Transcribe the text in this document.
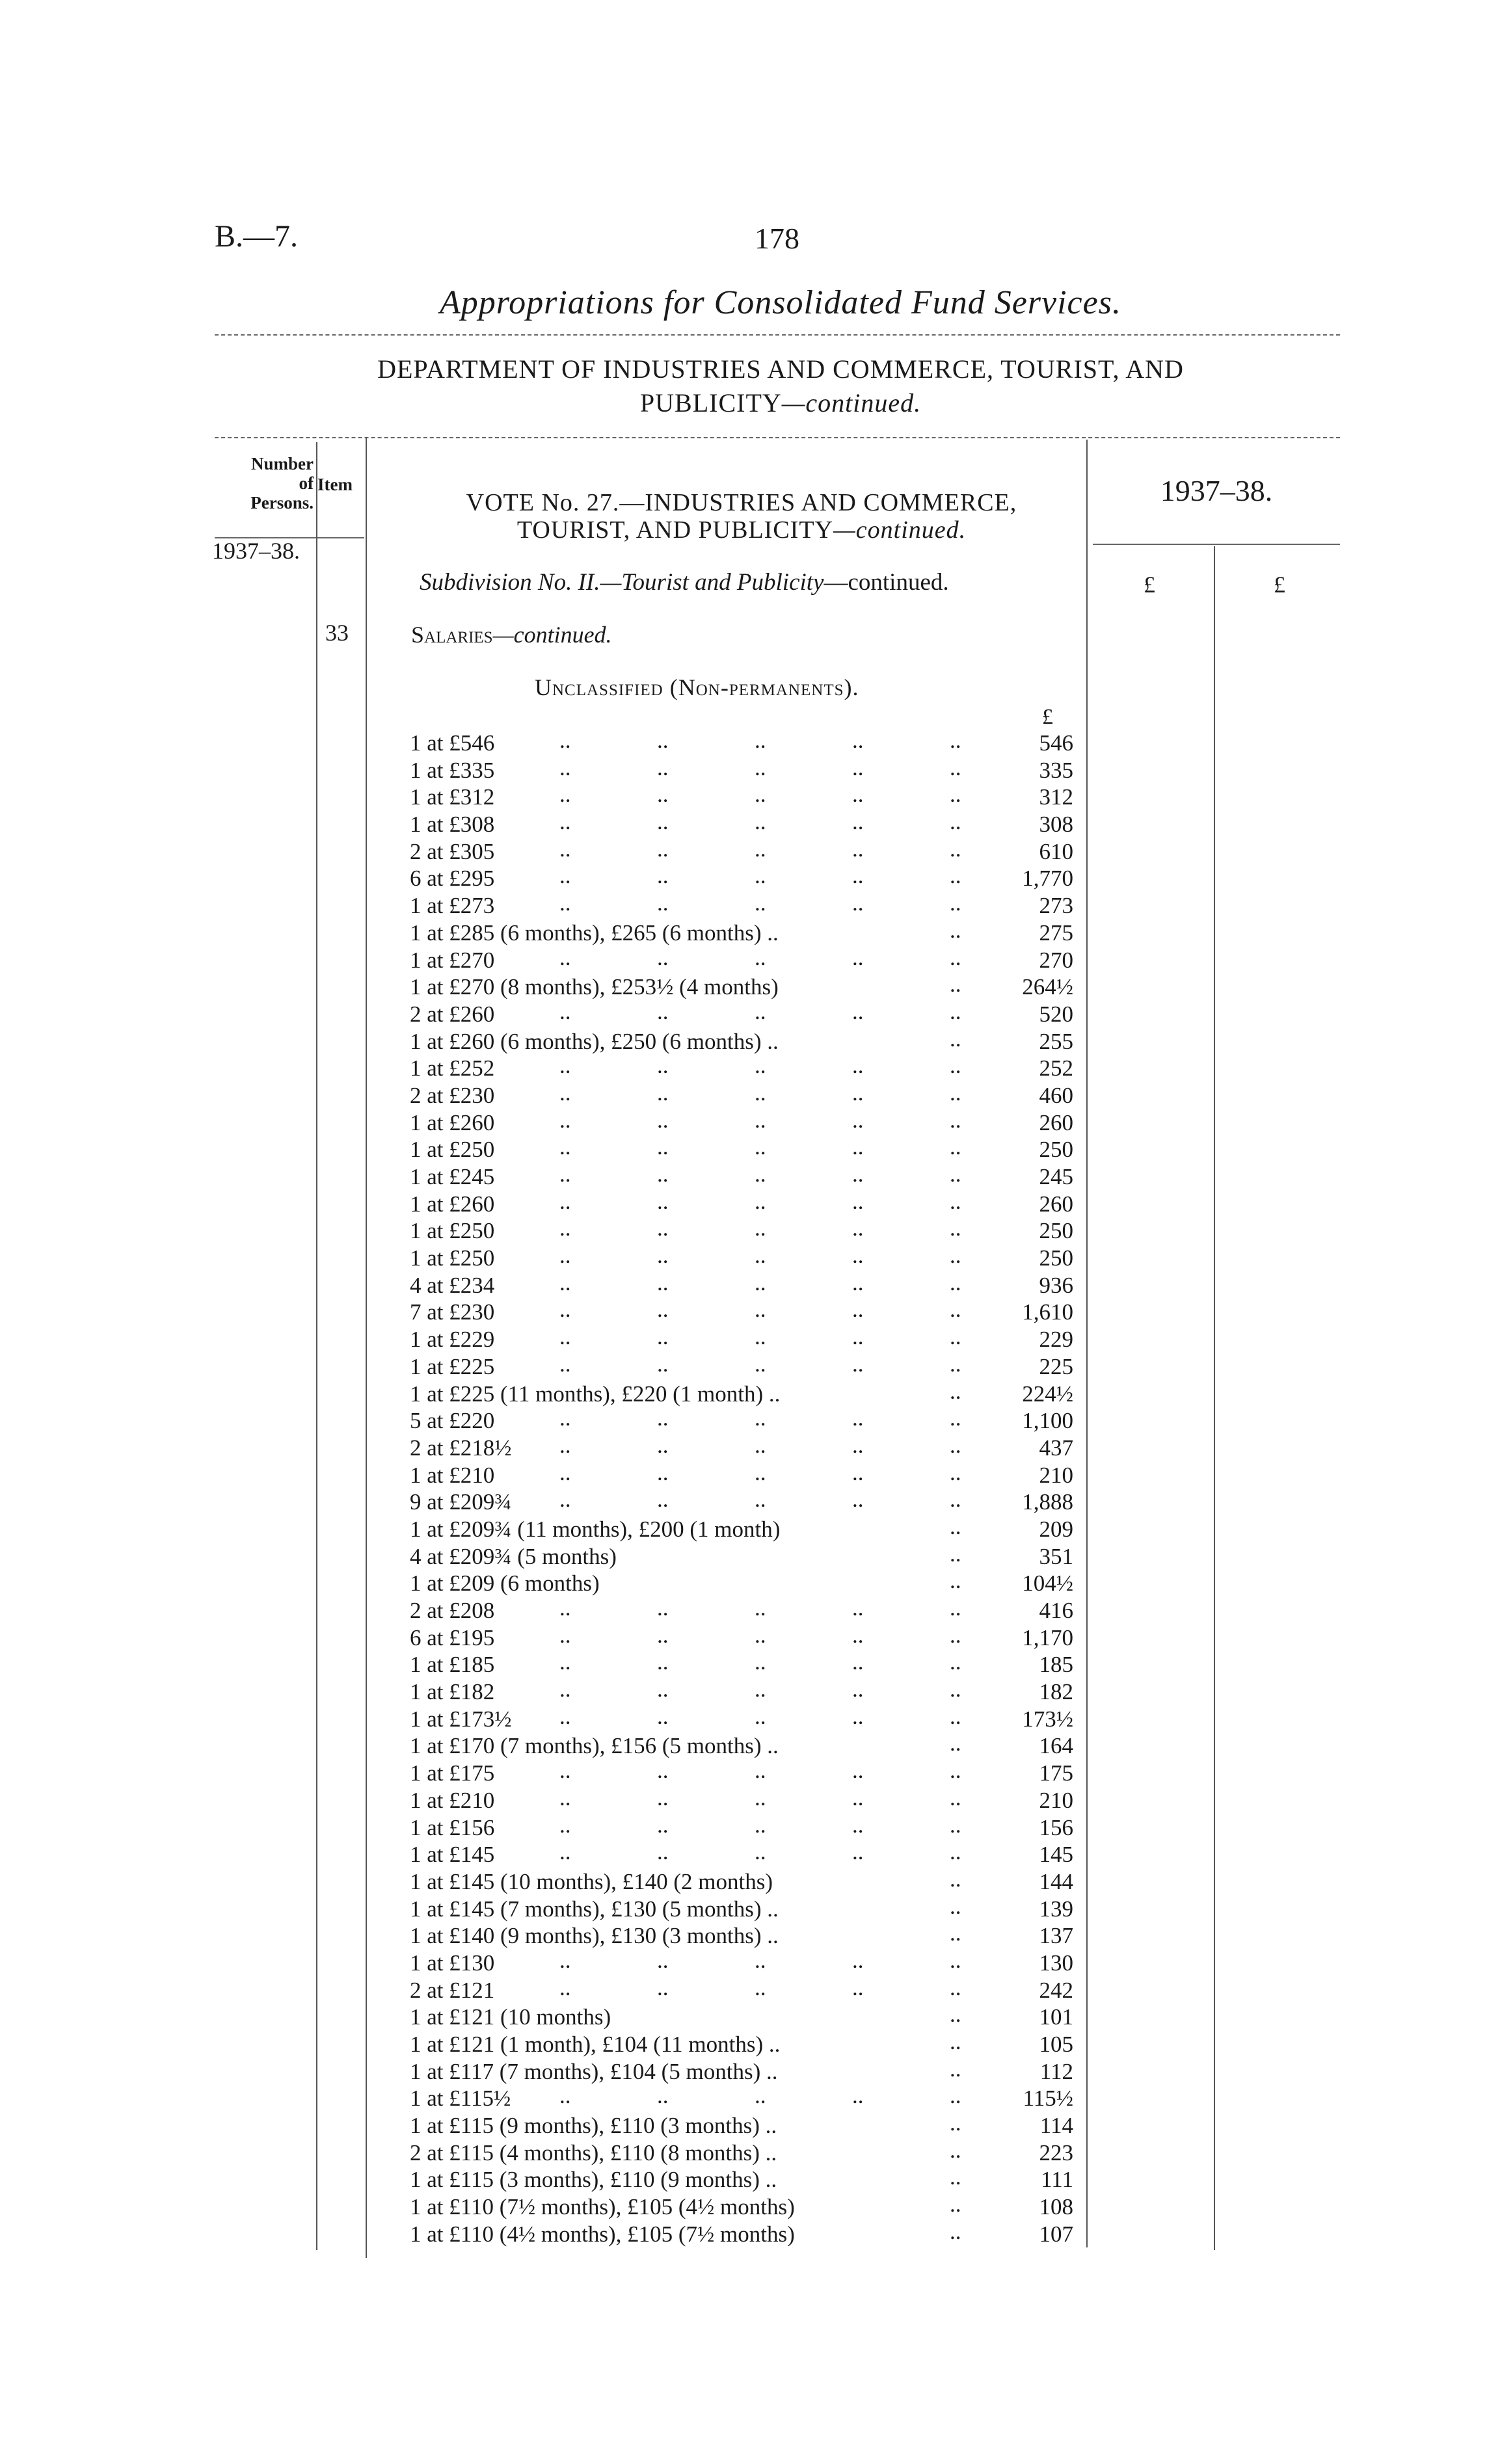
B.—7.	178
Appropriations for Consolidated Fund Services.
DEPARTMENT OF INDUSTRIES AND COMMERCE, TOURIST, AND
PUBLICITY—continued.
Number
of
Persons.
Item
1937–38.
VOTE No. 27.—INDUSTRIES AND COMMERCE,
TOURIST, AND PUBLICITY—continued.
1937–38.
£	£
Subdivision No. II.—Tourist and Publicity—continued.
33	Salaries—continued.
Unclassified (Non-permanents).
£
1 at £546	..	..	..	..	..	546
1 at £335	..	..	..	..	..	335
1 at £312	..	..	..	..	..	312
1 at £308	..	..	..	..	..	308
2 at £305	..	..	..	..	..	610
6 at £295	..	..	..	..	..	1,770
1 at £273	..	..	..	..	..	273
1 at £285 (6 months), £265 (6 months) ..	..	275
1 at £270	..	..	..	..	..	270
1 at £270 (8 months), £253½ (4 months)	..	264½
2 at £260	..	..	..	..	..	520
1 at £260 (6 months), £250 (6 months) ..	..	255
1 at £252	..	..	..	..	..	252
2 at £230	..	..	..	..	..	460
1 at £260	..	..	..	..	..	260
1 at £250	..	..	..	..	..	250
1 at £245	..	..	..	..	..	245
1 at £260	..	..	..	..	..	260
1 at £250	..	..	..	..	..	250
1 at £250	..	..	..	..	..	250
4 at £234	..	..	..	..	..	936
7 at £230	..	..	..	..	..	1,610
1 at £229	..	..	..	..	..	229
1 at £225	..	..	..	..	..	225
1 at £225 (11 months), £220 (1 month) ..	..	224½
5 at £220	..	..	..	..	..	1,100
2 at £218½ ..	..	..	..	..	437
1 at £210	..	..	..	..	..	210
9 at £209¾ ..	..	..	..	..	1,888
1 at £209¾ (11 months), £200 (1 month)	..	209
4 at £209¾ (5 months)	..	351
1 at £209 (6 months)	..	104½
2 at £208	..	..	..	..	..	416
6 at £195	..	..	..	..	..	1,170
1 at £185	..	..	..	..	..	185
1 at £182	..	..	..	..	..	182
1 at £173½ ..	..	..	..	..	173½
1 at £170 (7 months), £156 (5 months) ..	..	164
1 at £175	..	..	..	..	..	175
1 at £210	..	..	..	..	..	210
1 at £156	..	..	..	..	..	156
1 at £145	..	..	..	..	..	145
1 at £145 (10 months), £140 (2 months)	..	144
1 at £145 (7 months), £130 (5 months) ..	..	139
1 at £140 (9 months), £130 (3 months) ..	..	137
1 at £130	..	..	..	..	..	130
2 at £121	..	..	..	..	..	242
1 at £121 (10 months)	..	101
1 at £121 (1 month), £104 (11 months) ..	..	105
1 at £117 (7 months), £104 (5 months) ..	..	112
1 at £115½ ..	..	..	..	..	115½
1 at £115 (9 months), £110 (3 months) ..	..	114
2 at £115 (4 months), £110 (8 months) ..	..	223
1 at £115 (3 months), £110 (9 months) ..	..	111
1 at £110 (7½ months), £105 (4½ months)	..	108
1 at £110 (4½ months), £105 (7½ months)	..	107
